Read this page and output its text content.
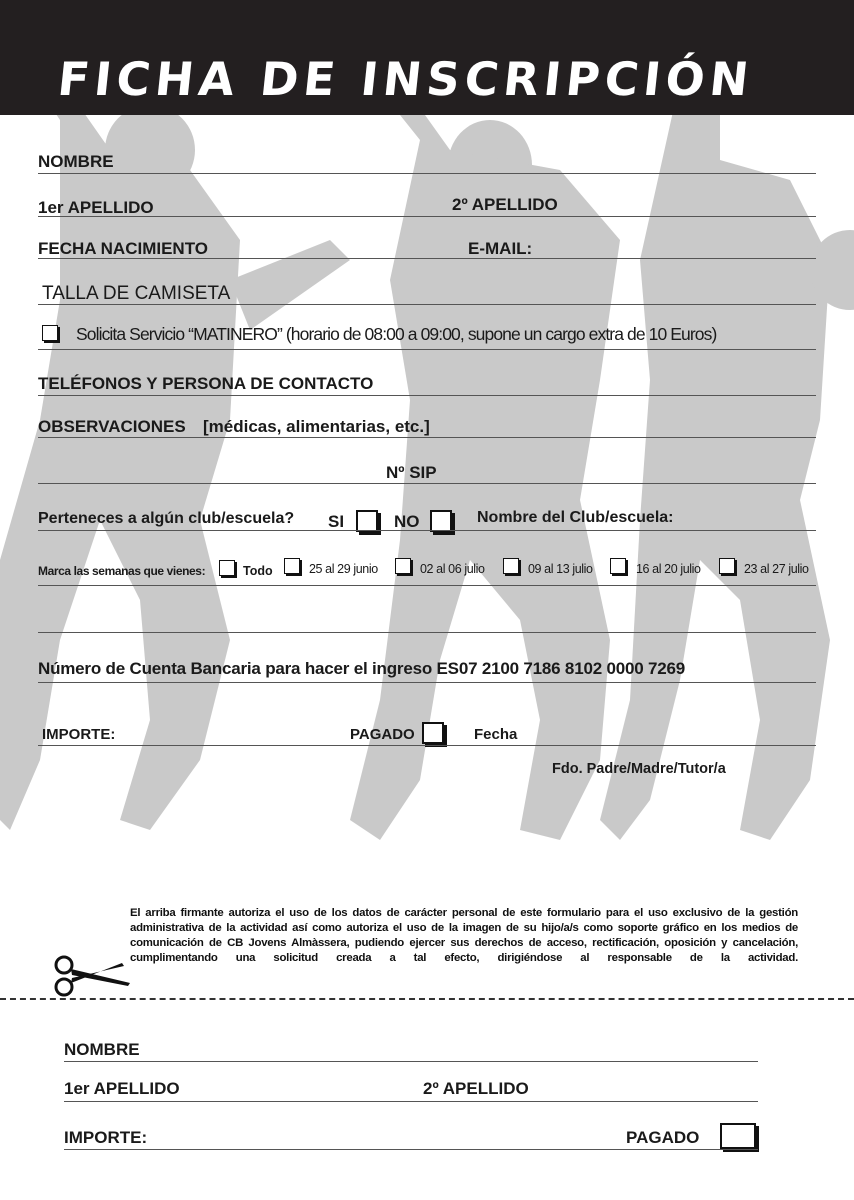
FICHA DE INSCRIPCIÓN
NOMBRE
1er APELLIDO	2º APELLIDO
FECHA NACIMIENTO	E-MAIL:
TALLA DE CAMISETA
Solicita Servicio “MATINERO” (horario de 08:00 a 09:00, supone un cargo extra de 10 Euros)
TELÉFONOS Y PERSONA DE CONTACTO
OBSERVACIONES [médicas, alimentarias, etc.]
Nº SIP
Perteneces a algún club/escuela? SI	NO	Nombre del Club/escuela:
Marca las semanas que vienes:	Todo	25 al 29 junio	02 al 06 julio	09 al 13 julio	16 al 20 julio	23 al 27 julio
Número de Cuenta Bancaria para hacer el ingreso ES07 2100 7186 8102 0000 7269
IMPORTE:	PAGADO	Fecha
Fdo. Padre/Madre/Tutor/a
El arriba firmante autoriza el uso de los datos de carácter personal de este formulario para el uso exclusivo de la gestión administrativa de la actividad así como autoriza el uso de la imagen de su hijo/a/s como soporte gráfico en los medios de comunicación de CB Jovens Almàssera, pudiendo ejercer sus derechos de acceso, rectificación, oposición y cancelación, cumplimentando una solicitud creada a tal efecto, dirigiéndose al responsable de la actividad.
NOMBRE
1er APELLIDO	2º APELLIDO
IMPORTE:	PAGADO
